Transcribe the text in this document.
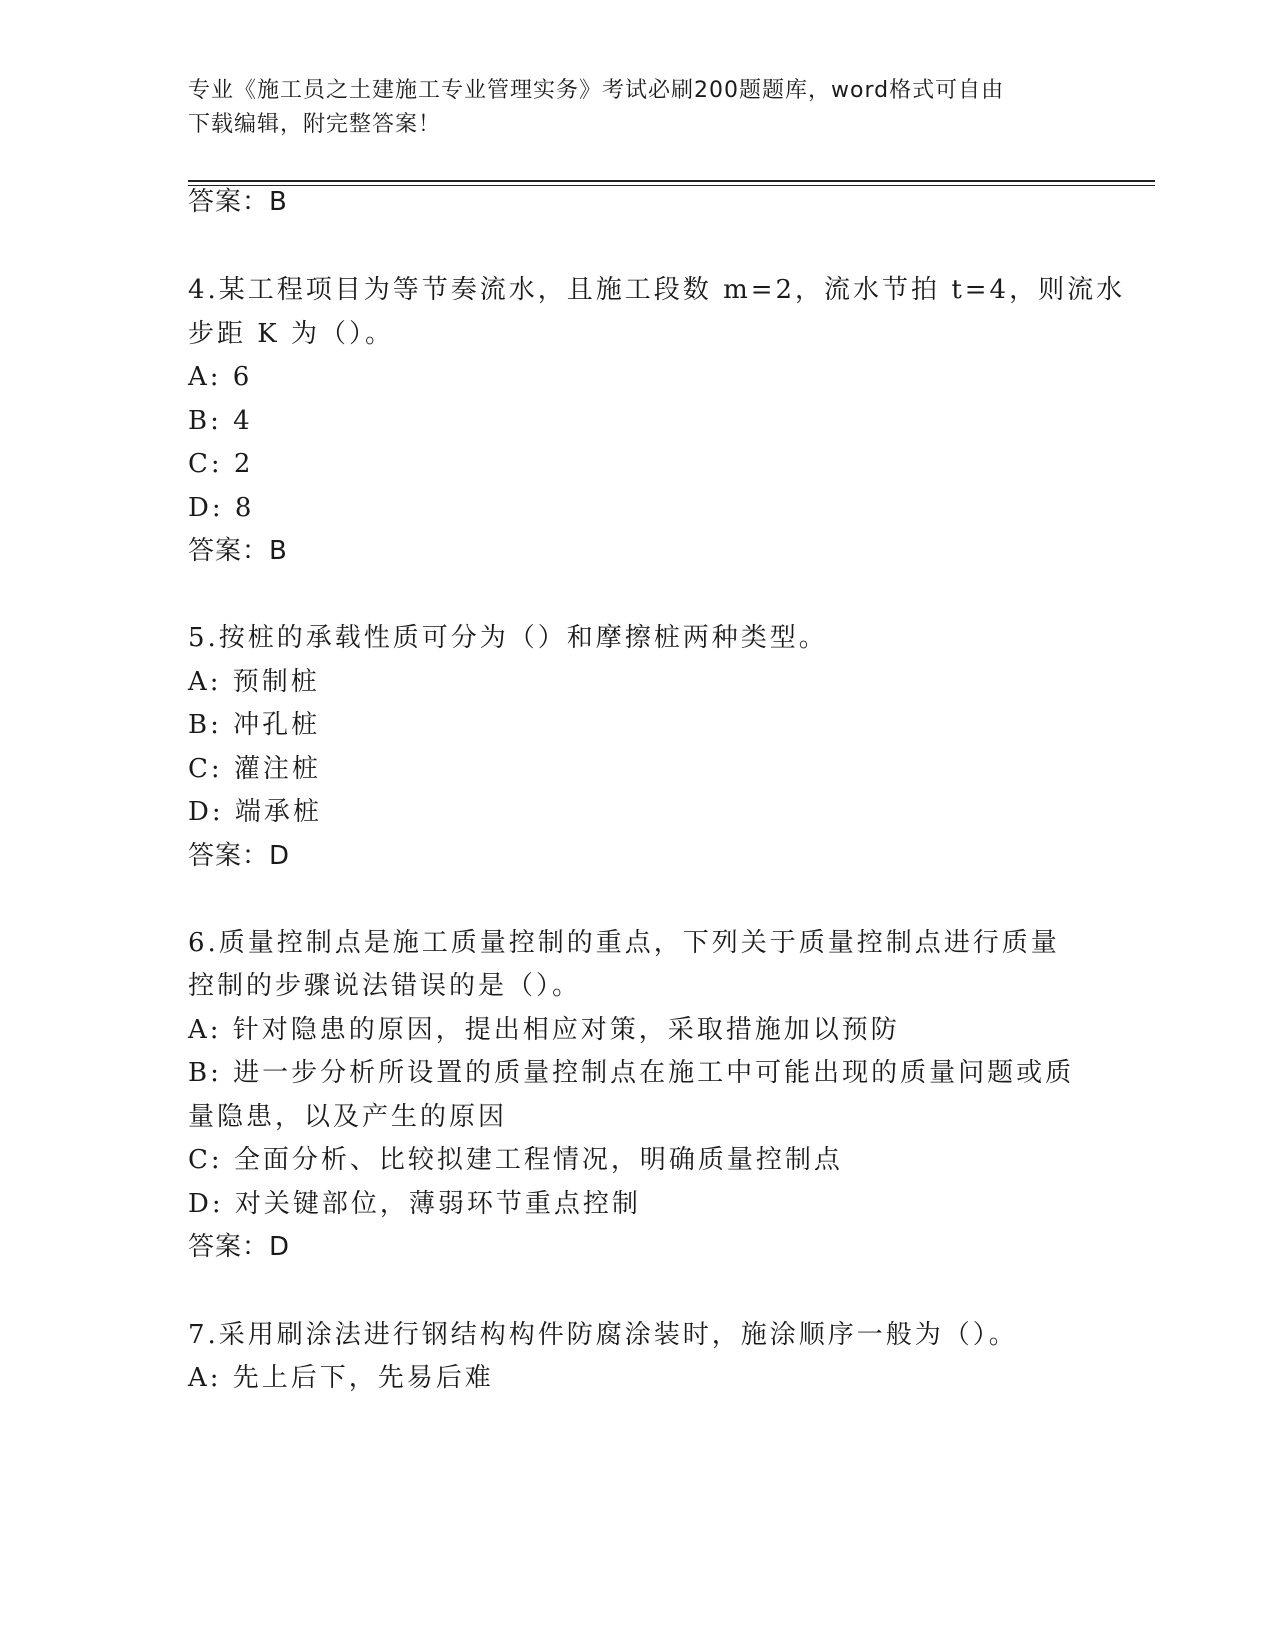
专业《施工员之土建施工专业管理实务》考试必刷200题题库，word格式可自由
下载编辑，附完整答案！
答案：B
4.某工程项目为等节奏流水，且施工段数 m=2，流水节拍 t=4，则流水
步距 K 为（）。
A: 6
B: 4
C: 2
D: 8
答案：B
5.按桩的承载性质可分为（）和摩擦桩两种类型。
A: 预制桩
B: 冲孔桩
C: 灌注桩
D: 端承桩
答案：D
6.质量控制点是施工质量控制的重点，下列关于质量控制点进行质量
控制的步骤说法错误的是（）。
A: 针对隐患的原因，提出相应对策，采取措施加以预防
B: 进一步分析所设置的质量控制点在施工中可能出现的质量问题或质
量隐患，以及产生的原因
C: 全面分析、比较拟建工程情况，明确质量控制点
D: 对关键部位，薄弱环节重点控制
答案：D
7.采用刷涂法进行钢结构构件防腐涂装时，施涂顺序一般为（）。
A: 先上后下，先易后难
